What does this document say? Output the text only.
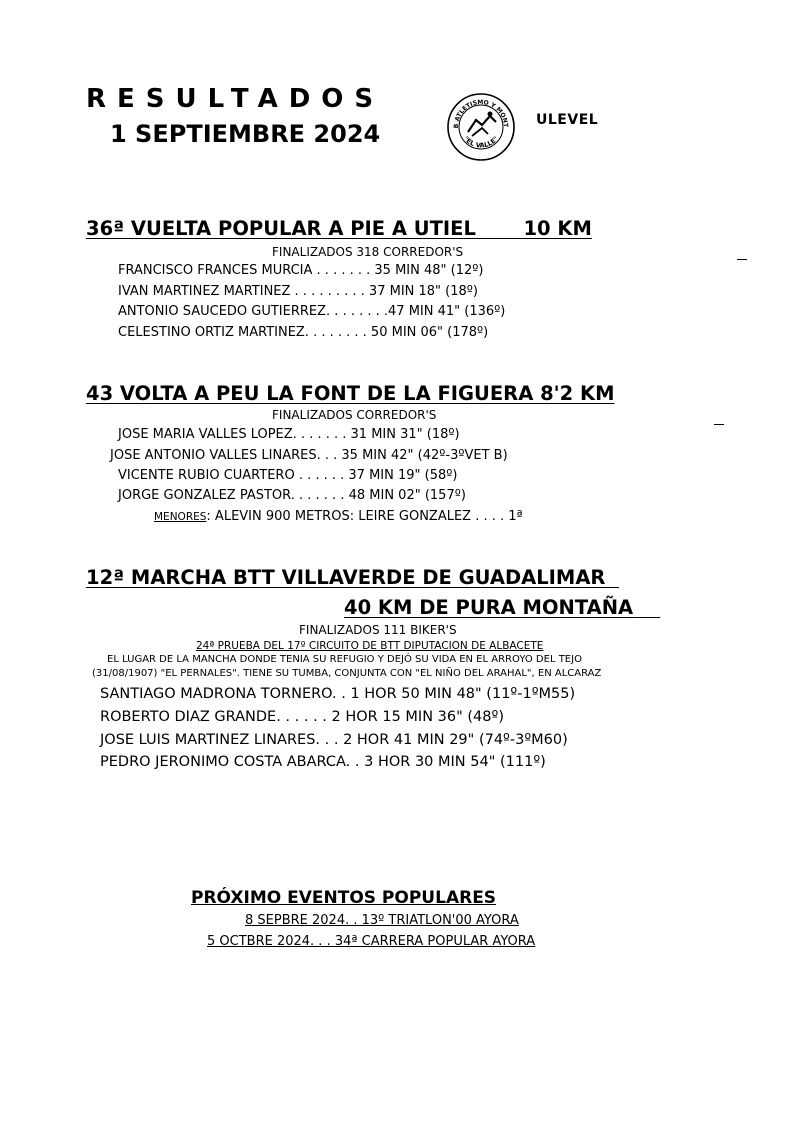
RESULTADOS
1 SEPTIEMBRE 2024	B ATLETISMO Y MONT
"EL VALLE"
ULEVEL
36ª VUELTA POPULAR A PIE A UTIEL 10 KM
FINALIZADOS 318 CORREDOR'S
FRANCISCO FRANCES MURCIA . . . . . . . 35 MIN 48" (12º)
IVAN MARTINEZ MARTINEZ . . . . . . . . . 37 MIN 18" (18º)
ANTONIO SAUCEDO GUTIERREZ. . . . . . . .47 MIN 41" (136º)
CELESTINO ORTIZ MARTINEZ. . . . . . . . 50 MIN 06" (178º)
43 VOLTA A PEU LA FONT DE LA FIGUERA 8'2 KM
FINALIZADOS CORREDOR'S
JOSE MARIA VALLES LOPEZ. . . . . . . 31 MIN 31" (18º)
JOSE ANTONIO VALLES LINARES. . . 35 MIN 42" (42º-3ºVET B)
VICENTE RUBIO CUARTERO . . . . . . 37 MIN 19" (58º)
JORGE GONZALEZ PASTOR. . . . . . . 48 MIN 02" (157º)
MENORES: ALEVIN 900 METROS: LEIRE GONZALEZ . . . . 1ª
12ª MARCHA BTT VILLAVERDE DE GUADALIMAR
40 KM DE PURA MONTAÑA
FINALIZADOS 111 BIKER'S
24ª PRUEBA DEL 17º CIRCUITO DE BTT DIPUTACION DE ALBACETE
EL LUGAR DE LA MANCHA DONDE TENIA SU REFUGIO Y DEJÓ SU VIDA EN EL ARROYO DEL TEJO
(31/08/1907) "EL PERNALES". TIENE SU TUMBA, CONJUNTA CON "EL NIÑO DEL ARAHAL", EN ALCARAZ
SANTIAGO MADRONA TORNERO. . 1 HOR 50 MIN 48" (11º-1ºM55)
ROBERTO DIAZ GRANDE. . . . . . 2 HOR 15 MIN 36" (48º)
JOSE LUIS MARTINEZ LINARES. . . 2 HOR 41 MIN 29" (74º-3ºM60)
PEDRO JERONIMO COSTA ABARCA. . 3 HOR 30 MIN 54" (111º)
PRÓXIMO EVENTOS POPULARES
8 SEPBRE 2024. . 13º TRIATLON'00 AYORA
5 OCTBRE 2024. . . 34ª CARRERA POPULAR AYORA
